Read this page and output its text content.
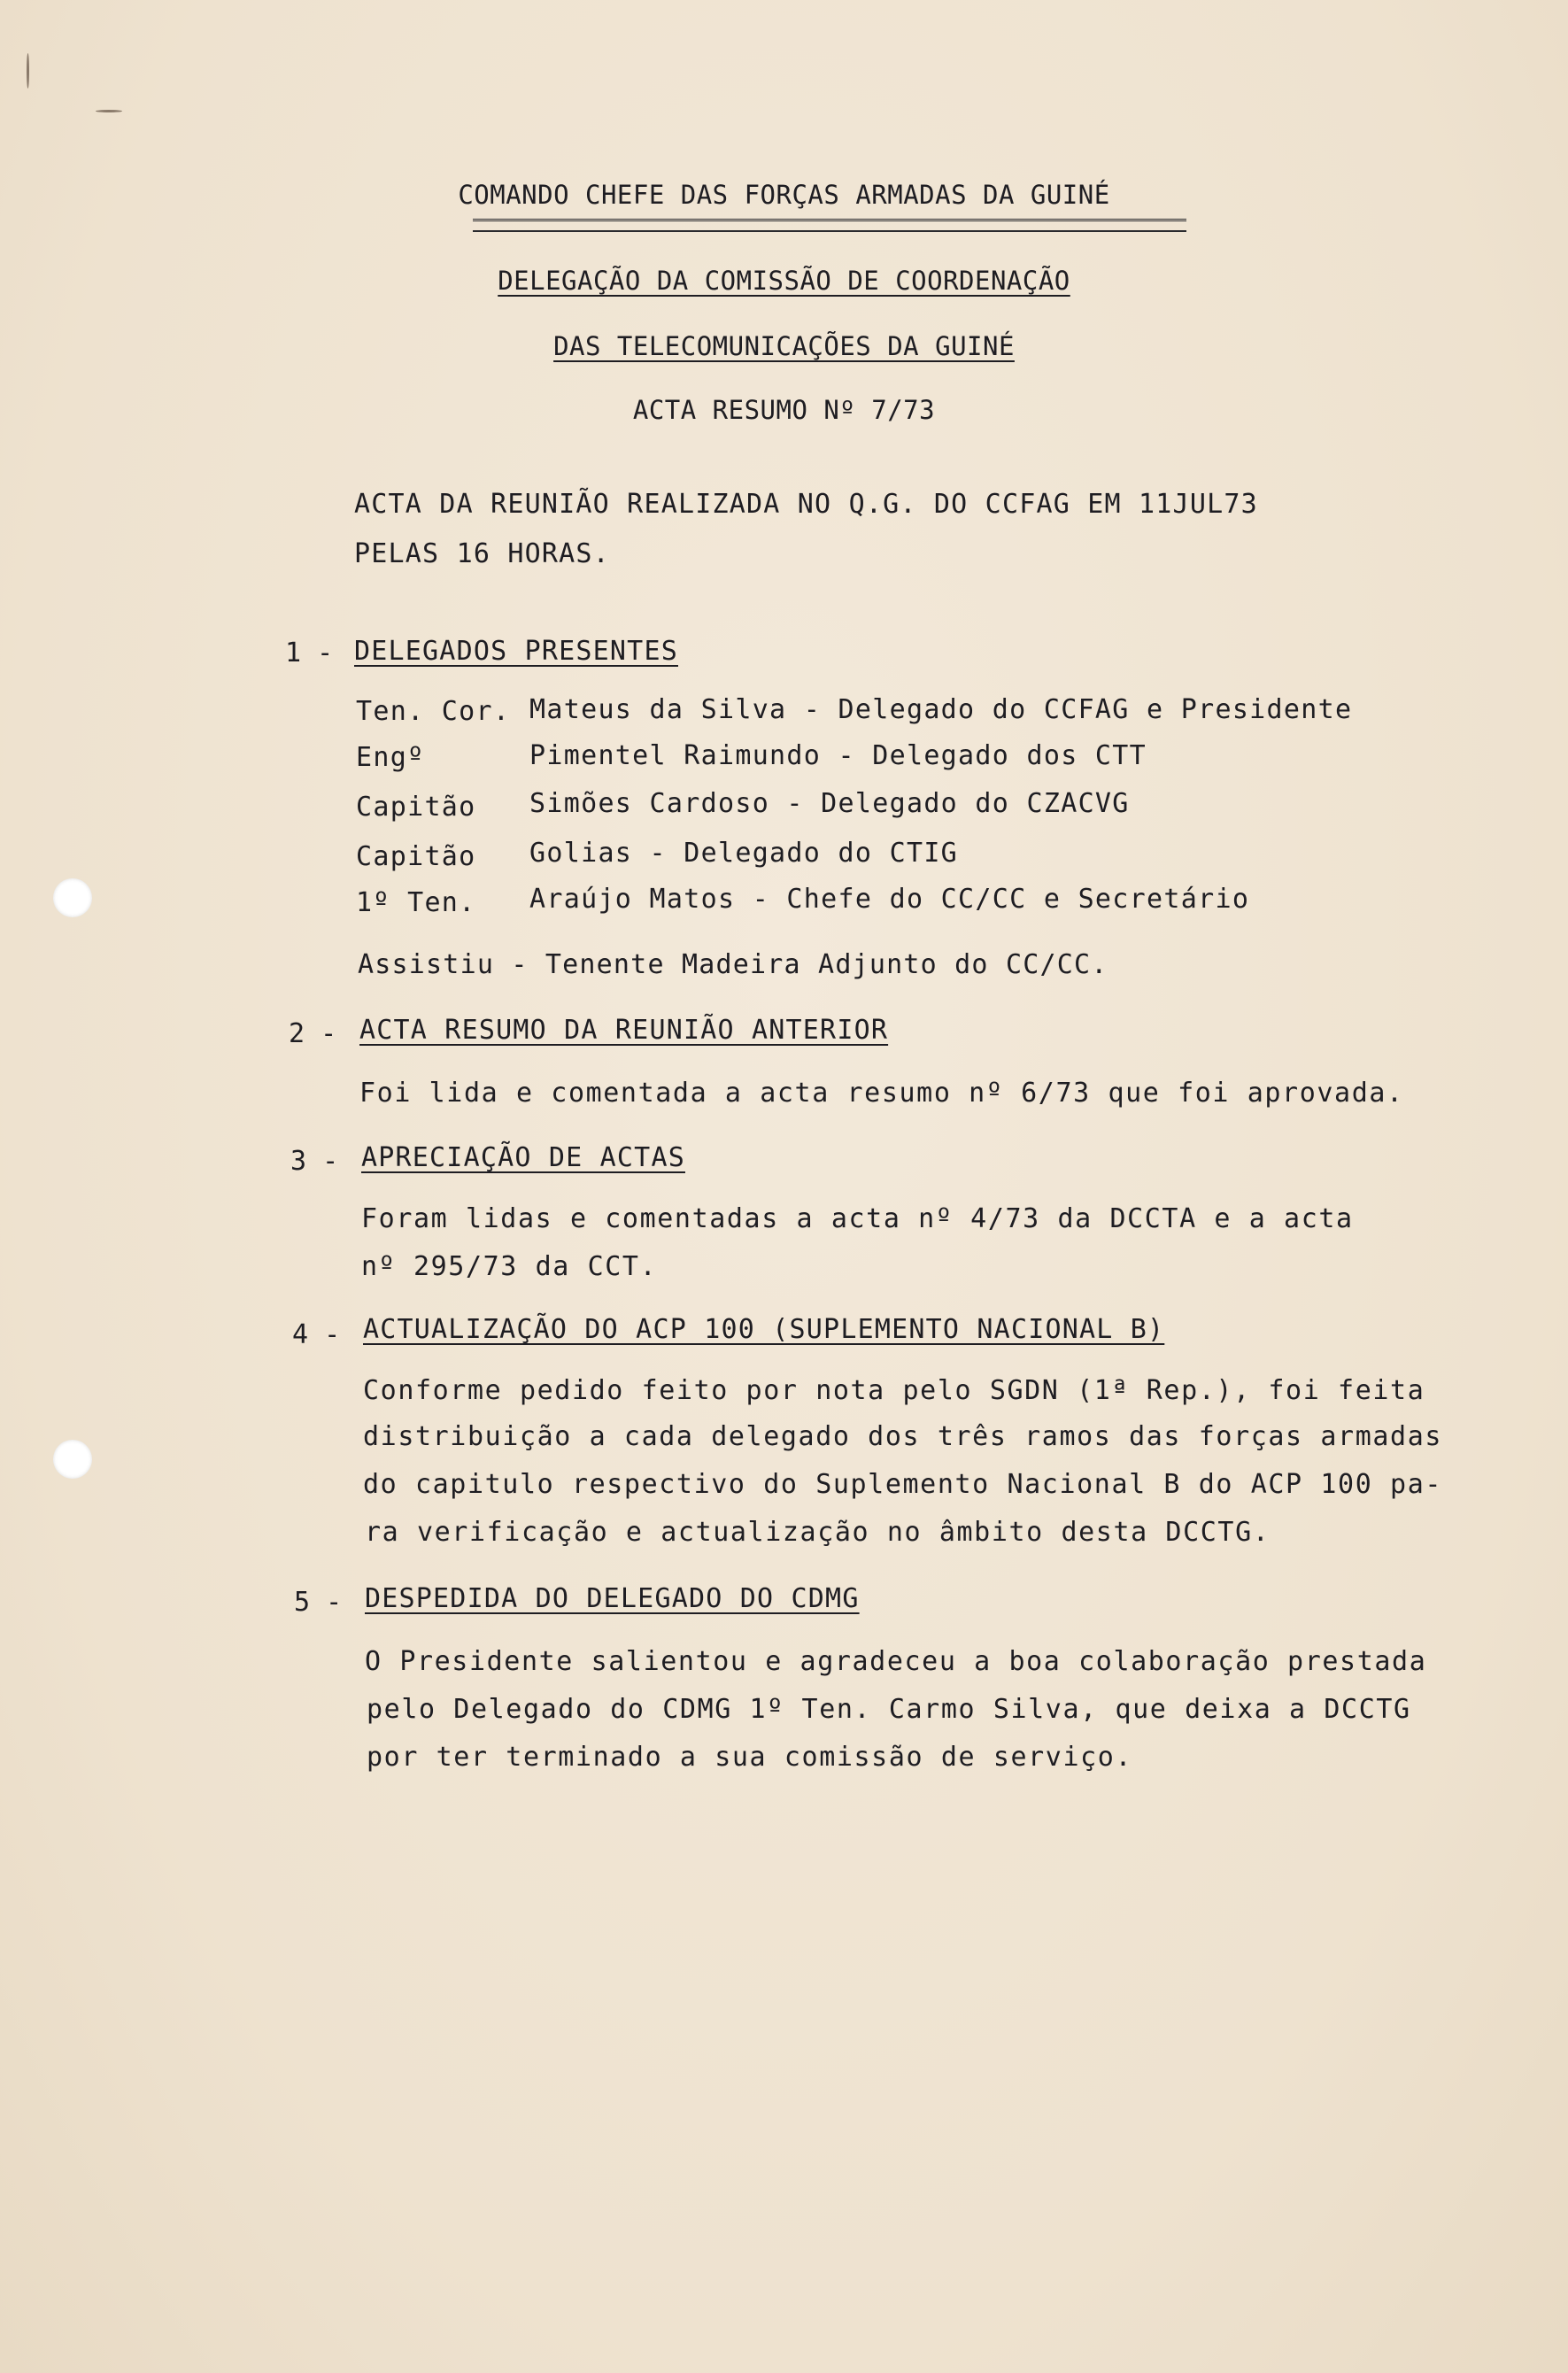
COMANDO CHEFE DAS FORÇAS ARMADAS DA GUINÉ
DELEGAÇÃO DA COMISSÃO DE COORDENAÇÃO
DAS TELECOMUNICAÇÕES DA GUINÉ
ACTA RESUMO Nº 7/73
ACTA DA REUNIÃO REALIZADA NO Q.G. DO CCFAG EM 11JUL73
PELAS 16 HORAS.
1 - DELEGADOS PRESENTES
Ten. Cor. Mateus da Silva - Delegado do CCFAG e Presidente
Engº	Pimentel Raimundo - Delegado dos CTT
Capitão Simões Cardoso - Delegado do CZACVG
Capitão Golias - Delegado do CTIG
1º Ten. Araújo Matos - Chefe do CC/CC e Secretário
Assistiu - Tenente Madeira Adjunto do CC/CC.
2 - ACTA RESUMO DA REUNIÃO ANTERIOR
Foi lida e comentada a acta resumo nº 6/73 que foi aprovada.
3 - APRECIAÇÃO DE ACTAS
Foram lidas e comentadas a acta nº 4/73 da DCCTA e a acta
nº 295/73 da CCT.
4 - ACTUALIZAÇÃO DO ACP 100 (SUPLEMENTO NACIONAL B)
Conforme pedido feito por nota pelo SGDN (1ª Rep.), foi feita
distribuição a cada delegado dos três ramos das forças armadas
do capitulo respectivo do Suplemento Nacional B do ACP 100 pa-
ra verificação e actualização no âmbito desta DCCTG.
5 - DESPEDIDA DO DELEGADO DO CDMG
O Presidente salientou e agradeceu a boa colaboração prestada
pelo Delegado do CDMG 1º Ten. Carmo Silva, que deixa a DCCTG
por ter terminado a sua comissão de serviço.
